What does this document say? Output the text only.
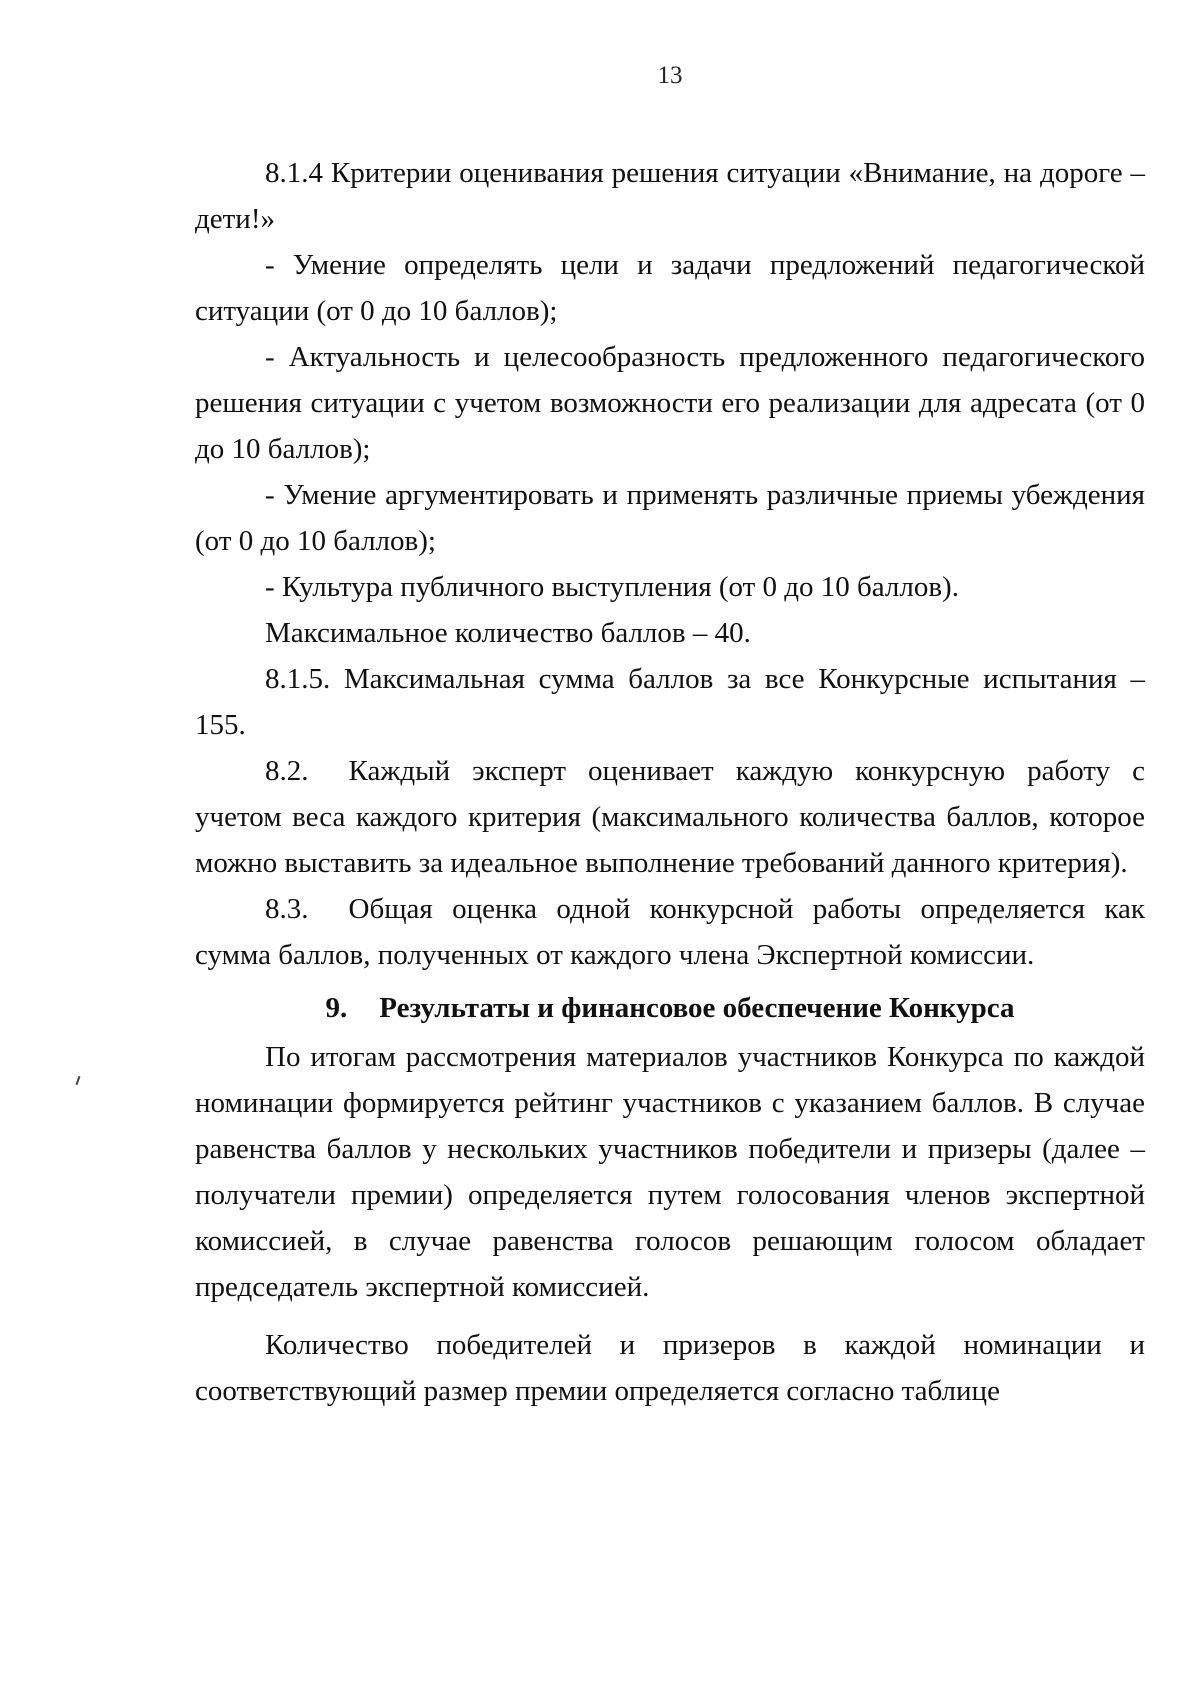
13

8.1.4 Критерии оценивания решения ситуации «Внимание, на дороге – дети!»

- Умение определять цели и задачи предложений педагогической ситуации (от 0 до 10 баллов);

- Актуальность и целесообразность предложенного педагогического решения ситуации с учетом возможности его реализации для адресата (от 0 до 10 баллов);

- Умение аргументировать и применять различные приемы убеждения (от 0 до 10 баллов);

- Культура публичного выступления (от 0 до 10 баллов).

Максимальное количество баллов – 40.

8.1.5. Максимальная сумма баллов за все Конкурсные испытания – 155.

8.2. Каждый эксперт оценивает каждую конкурсную работу с учетом веса каждого критерия (максимального количества баллов, которое можно выставить за идеальное выполнение требований данного критерия).

8.3. Общая оценка одной конкурсной работы определяется как сумма баллов, полученных от каждого члена Экспертной комиссии.

9. Результаты и финансовое обеспечение Конкурса

По итогам рассмотрения материалов участников Конкурса по каждой номинации формируется рейтинг участников с указанием баллов. В случае равенства баллов у нескольких участников победители и призеры (далее – получатели премии) определяется путем голосования членов экспертной комиссией, в случае равенства голосов решающим голосом обладает председатель экспертной комиссией.

Количество победителей и призеров в каждой номинации и соответствующий размер премии определяется согласно таблице
